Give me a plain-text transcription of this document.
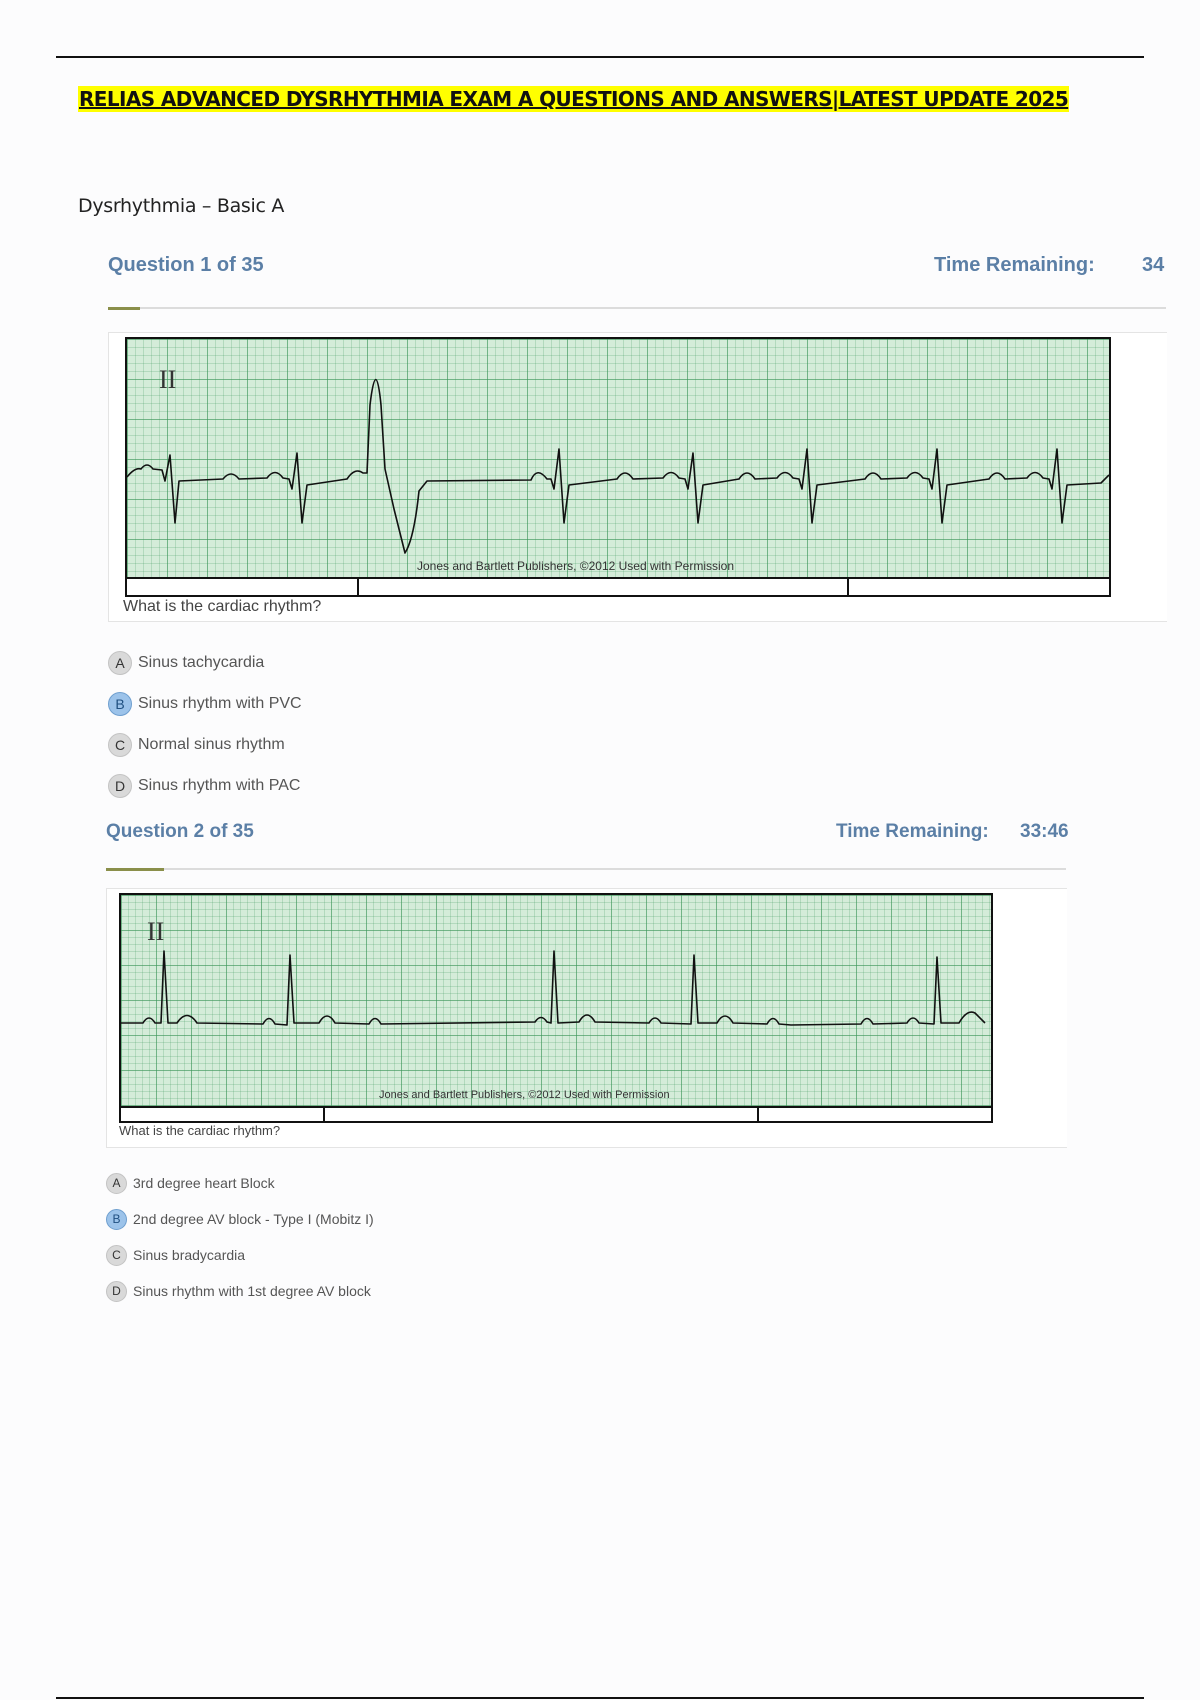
RELIAS ADVANCED DYSRHYTHMIA EXAM A QUESTIONS AND ANSWERS|LATEST UPDATE 2025
Dysrhythmia – Basic A
Question 1 of 35	Time Remaining: 34
II
Jones and Bartlett Publishers, ©2012 Used with Permission
What is the cardiac rhythm?
A Sinus tachycardia
B Sinus rhythm with PVC
C Normal sinus rhythm
D Sinus rhythm with PAC
Question 2 of 35	Time Remaining: 33:46
II
Jones and Bartlett Publishers, ©2012 Used with Permission
What is the cardiac rhythm?
A 3rd degree heart Block
B 2nd degree AV block - Type I (Mobitz I)
C Sinus bradycardia
D Sinus rhythm with 1st degree AV block
